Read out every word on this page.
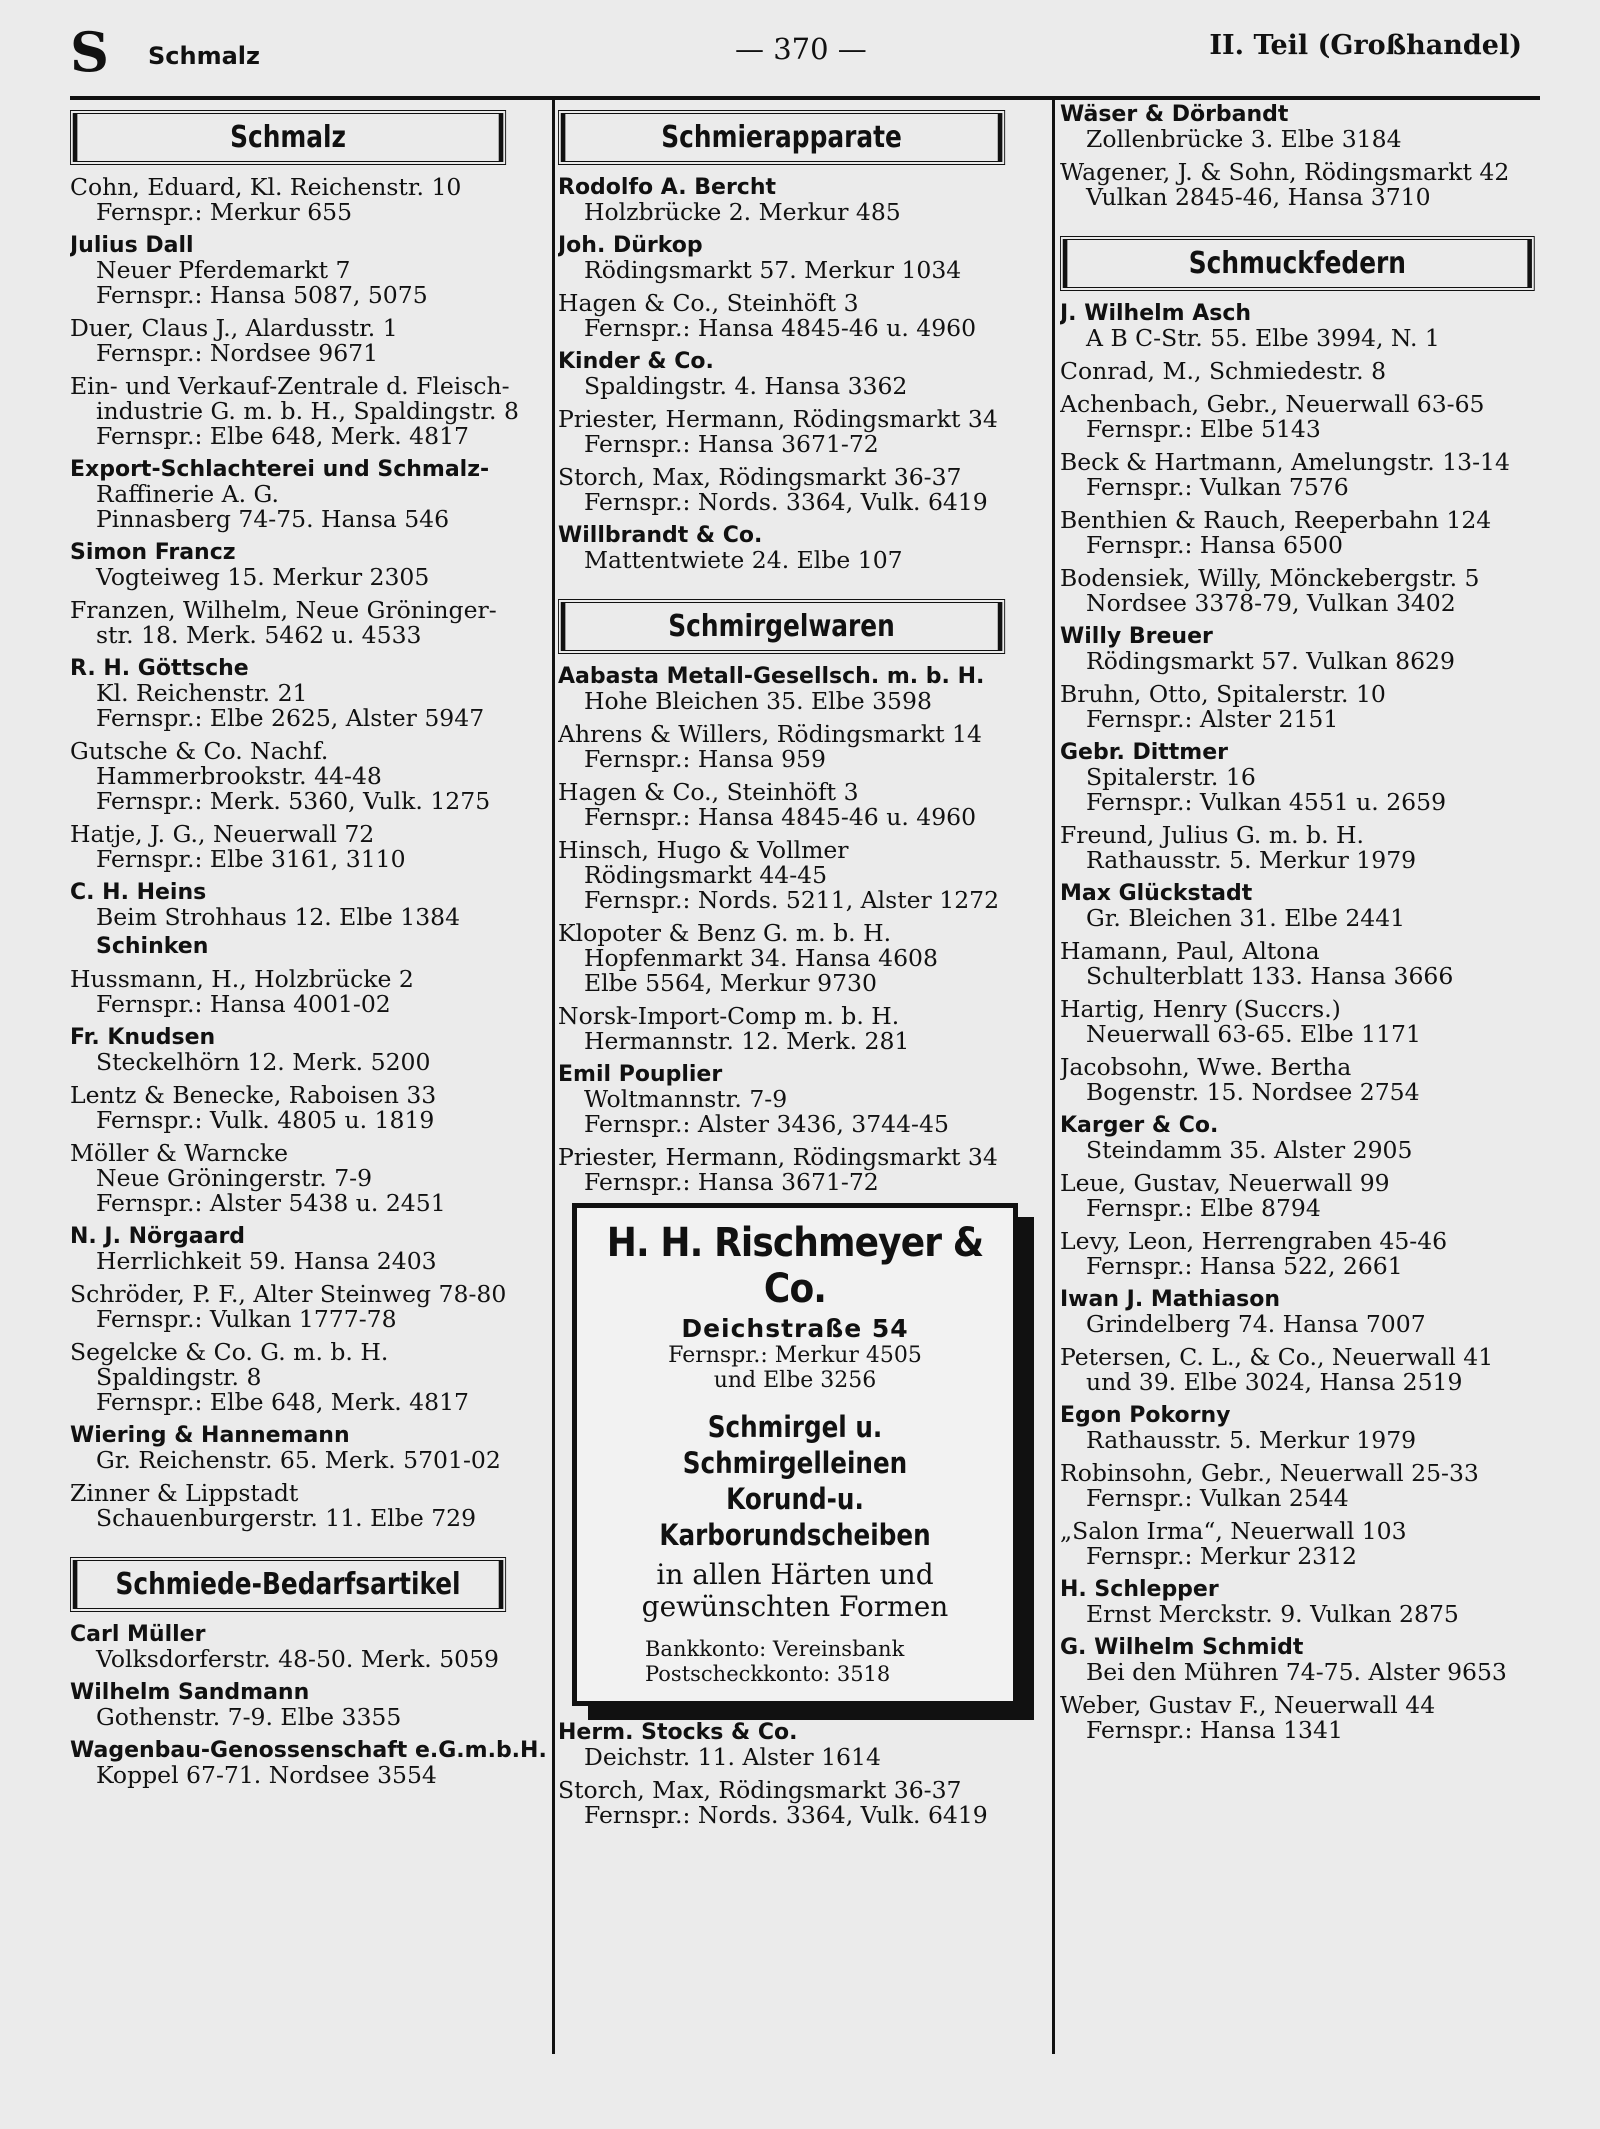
S Schmalz	— 370 —	II. Teil (Großhandel)
Schmalz
Cohn, Eduard, Kl. Reichenstr. 10
Fernspr.: Merkur 655
Julius Dall
Neuer Pferdemarkt 7
Fernspr.: Hansa 5087, 5075
Duer, Claus J., Alardusstr. 1
Fernspr.: Nordsee 9671
Ein- und Verkauf-Zentrale d. Fleisch-
industrie G. m. b. H., Spaldingstr. 8
Fernspr.: Elbe 648, Merk. 4817
Export-Schlachterei und Schmalz-
Raffinerie A. G.
Pinnasberg 74-75. Hansa 546
Simon Francz
Vogteiweg 15. Merkur 2305
Franzen, Wilhelm, Neue Gröninger-
str. 18. Merk. 5462 u. 4533
R. H. Göttsche
Kl. Reichenstr. 21
Fernspr.: Elbe 2625, Alster 5947
Gutsche & Co. Nachf.
Hammerbrookstr. 44-48
Fernspr.: Merk. 5360, Vulk. 1275
Hatje, J. G., Neuerwall 72
Fernspr.: Elbe 3161, 3110
C. H. Heins
Beim Strohhaus 12. Elbe 1384
Schinken
Hussmann, H., Holzbrücke 2
Fernspr.: Hansa 4001-02
Fr. Knudsen
Steckelhörn 12. Merk. 5200
Lentz & Benecke, Raboisen 33
Fernspr.: Vulk. 4805 u. 1819
Möller & Warncke
Neue Gröningerstr. 7-9
Fernspr.: Alster 5438 u. 2451
N. J. Nörgaard
Herrlichkeit 59. Hansa 2403
Schröder, P. F., Alter Steinweg 78-80
Fernspr.: Vulkan 1777-78
Segelcke & Co. G. m. b. H.
Spaldingstr. 8
Fernspr.: Elbe 648, Merk. 4817
Wiering & Hannemann
Gr. Reichenstr. 65. Merk. 5701-02
Zinner & Lippstadt
Schauenburgerstr. 11. Elbe 729
Schmiede-Bedarfsartikel
Carl Müller
Volksdorferstr. 48-50. Merk. 5059
Wilhelm Sandmann
Gothenstr. 7-9. Elbe 3355
Wagenbau-Genossenschaft e.G.m.b.H.
Koppel 67-71. Nordsee 3554
Schmierapparate
Rodolfo A. Bercht
Holzbrücke 2. Merkur 485
Joh. Dürkop
Rödingsmarkt 57. Merkur 1034
Hagen & Co., Steinhöft 3
Fernspr.: Hansa 4845-46 u. 4960
Kinder & Co.
Spaldingstr. 4. Hansa 3362
Priester, Hermann, Rödingsmarkt 34
Fernspr.: Hansa 3671-72
Storch, Max, Rödingsmarkt 36-37
Fernspr.: Nords. 3364, Vulk. 6419
Willbrandt & Co.
Mattentwiete 24. Elbe 107
Schmirgelwaren
Aabasta Metall-Gesellsch. m. b. H.
Hohe Bleichen 35. Elbe 3598
Ahrens & Willers, Rödingsmarkt 14
Fernspr.: Hansa 959
Hagen & Co., Steinhöft 3
Fernspr.: Hansa 4845-46 u. 4960
Hinsch, Hugo & Vollmer
Rödingsmarkt 44-45
Fernspr.: Nords. 5211, Alster 1272
Klopoter & Benz G. m. b. H.
Hopfenmarkt 34. Hansa 4608
Elbe 5564, Merkur 9730
Norsk-Import-Comp m. b. H.
Hermannstr. 12. Merk. 281
Emil Pouplier
Woltmannstr. 7-9
Fernspr.: Alster 3436, 3744-45
Priester, Hermann, Rödingsmarkt 34
Fernspr.: Hansa 3671-72
H. H. Rischmeyer & Co.
Deichstraße 54
Fernspr.: Merkur 4505
und Elbe 3256
Schmirgel u. Schmirgelleinen
Korund-u. Karborundscheiben
in allen Härten und
gewünschten Formen
Bankkonto: Vereinsbank
Postscheckkonto: 3518
Herm. Stocks & Co.
Deichstr. 11. Alster 1614
Storch, Max, Rödingsmarkt 36-37
Fernspr.: Nords. 3364, Vulk. 6419
Wäser & Dörbandt
Zollenbrücke 3. Elbe 3184
Wagener, J. & Sohn, Rödingsmarkt 42
Vulkan 2845-46, Hansa 3710
Schmuckfedern
J. Wilhelm Asch
A B C-Str. 55. Elbe 3994, N. 1
Conrad, M., Schmiedestr. 8
Achenbach, Gebr., Neuerwall 63-65
Fernspr.: Elbe 5143
Beck & Hartmann, Amelungstr. 13-14
Fernspr.: Vulkan 7576
Benthien & Rauch, Reeperbahn 124
Fernspr.: Hansa 6500
Bodensiek, Willy, Mönckebergstr. 5
Nordsee 3378-79, Vulkan 3402
Willy Breuer
Rödingsmarkt 57. Vulkan 8629
Bruhn, Otto, Spitalerstr. 10
Fernspr.: Alster 2151
Gebr. Dittmer
Spitalerstr. 16
Fernspr.: Vulkan 4551 u. 2659
Freund, Julius G. m. b. H.
Rathausstr. 5. Merkur 1979
Max Glückstadt
Gr. Bleichen 31. Elbe 2441
Hamann, Paul, Altona
Schulterblatt 133. Hansa 3666
Hartig, Henry (Succrs.)
Neuerwall 63-65. Elbe 1171
Jacobsohn, Wwe. Bertha
Bogenstr. 15. Nordsee 2754
Karger & Co.
Steindamm 35. Alster 2905
Leue, Gustav, Neuerwall 99
Fernspr.: Elbe 8794
Levy, Leon, Herrengraben 45-46
Fernspr.: Hansa 522, 2661
Iwan J. Mathiason
Grindelberg 74. Hansa 7007
Petersen, C. L., & Co., Neuerwall 41
und 39. Elbe 3024, Hansa 2519
Egon Pokorny
Rathausstr. 5. Merkur 1979
Robinsohn, Gebr., Neuerwall 25-33
Fernspr.: Vulkan 2544
„Salon Irma“, Neuerwall 103
Fernspr.: Merkur 2312
H. Schlepper
Ernst Merckstr. 9. Vulkan 2875
G. Wilhelm Schmidt
Bei den Mühren 74-75. Alster 9653
Weber, Gustav F., Neuerwall 44
Fernspr.: Hansa 1341
